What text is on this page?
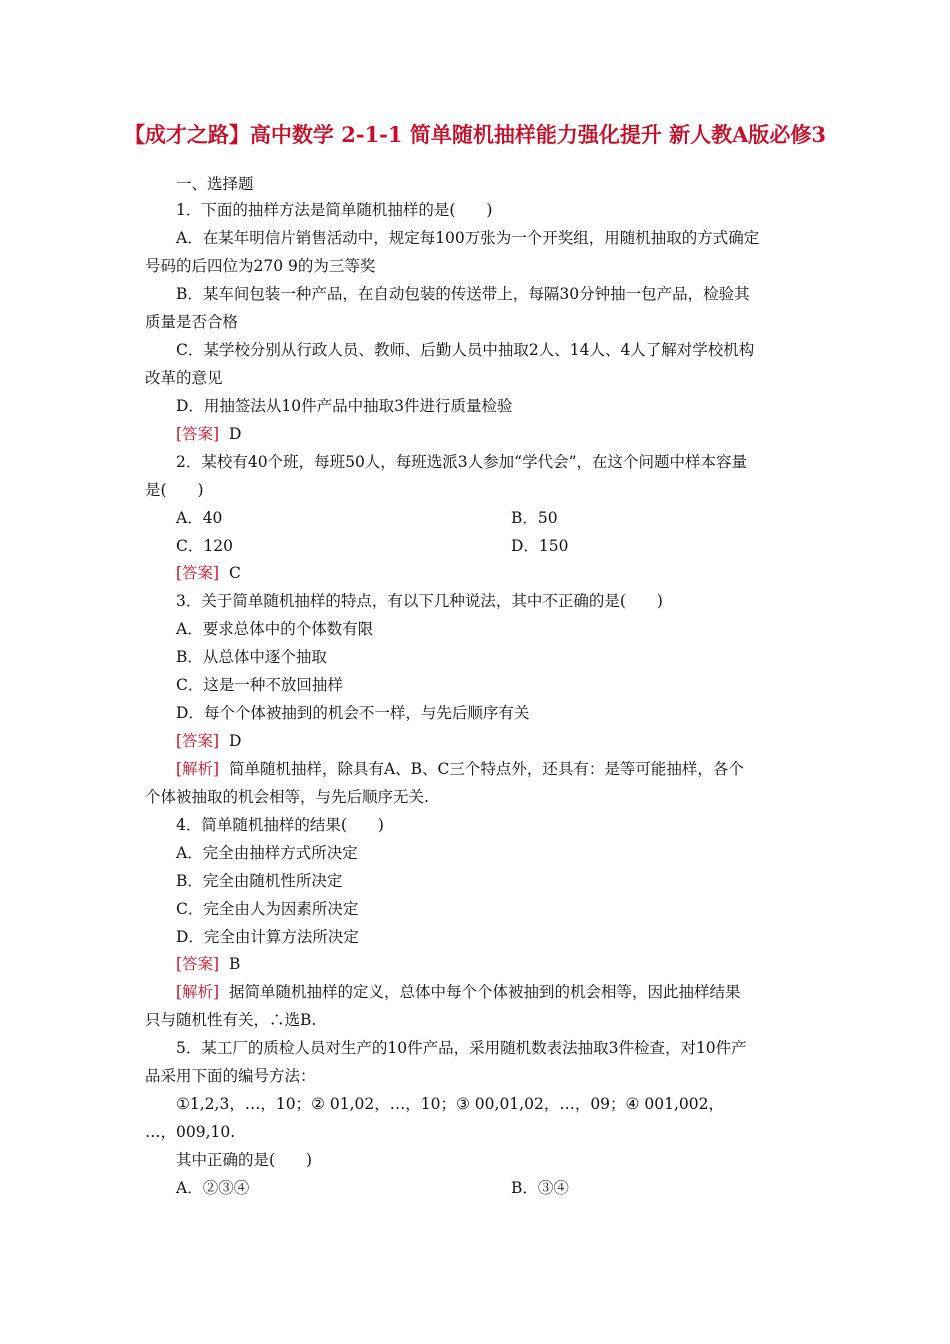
【成才之路】高中数学 2-1-1 简单随机抽样能力强化提升 新人教A版必修3
一、选择题
1．下面的抽样方法是简单随机抽样的是(　　)
A．在某年明信片销售活动中，规定每100万张为一个开奖组，用随机抽取的方式确定
号码的后四位为270 9的为三等奖
B．某车间包装一种产品，在自动包装的传送带上，每隔30分钟抽一包产品，检验其
质量是否合格
C．某学校分别从行政人员、教师、后勤人员中抽取2人、14人、4人了解对学校机构
改革的意见
D．用抽签法从10件产品中抽取3件进行质量检验
[答案] D
2．某校有40个班，每班50人，每班选派3人参加“学代会”，在这个问题中样本容量
是(　　)
A．40	B．50
C．120	D．150
[答案] C
3．关于简单随机抽样的特点，有以下几种说法，其中不正确的是(　　)
A．要求总体中的个体数有限
B．从总体中逐个抽取
C．这是一种不放回抽样
D．每个个体被抽到的机会不一样，与先后顺序有关
[答案] D
[解析] 简单随机抽样，除具有A、B、C三个特点外，还具有：是等可能抽样，各个
个体被抽取的机会相等，与先后顺序无关.
4．简单随机抽样的结果(　　)
A．完全由抽样方式所决定
B．完全由随机性所决定
C．完全由人为因素所决定
D．完全由计算方法所决定
[答案] B
[解析] 据简单随机抽样的定义，总体中每个个体被抽到的机会相等，因此抽样结果
只与随机性有关，∴选B.
5．某工厂的质检人员对生产的10件产品，采用随机数表法抽取3件检查，对10件产
品采用下面的编号方法：
①1,2,3，…，10；② 01,02，…，10；③ 00,01,02，…，09；④ 001,002，
…，009,10.
其中正确的是(　　)
A．②③④	B．③④
